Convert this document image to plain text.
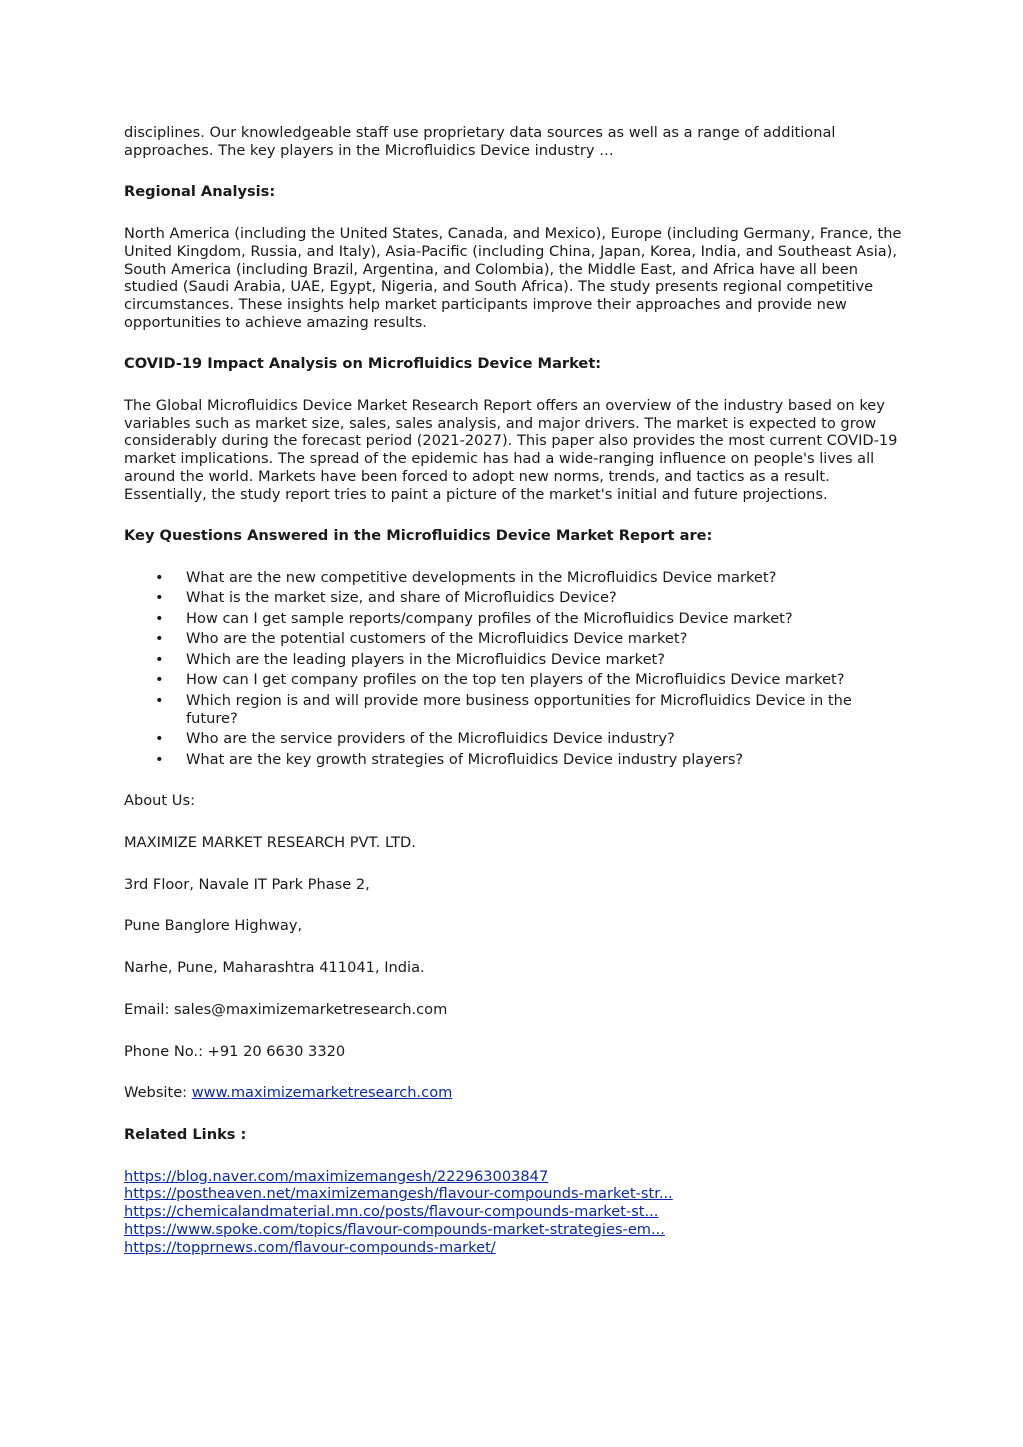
disciplines. Our knowledgeable staff use proprietary data sources as well as a range of additional approaches. The key players in the Microfluidics Device industry …

Regional Analysis:

North America (including the United States, Canada, and Mexico), Europe (including Germany, France, the United Kingdom, Russia, and Italy), Asia-Pacific (including China, Japan, Korea, India, and Southeast Asia), South America (including Brazil, Argentina, and Colombia), the Middle East, and Africa have all been studied (Saudi Arabia, UAE, Egypt, Nigeria, and South Africa). The study presents regional competitive circumstances. These insights help market participants improve their approaches and provide new opportunities to achieve amazing results.

COVID-19 Impact Analysis on Microfluidics Device Market:

The Global Microfluidics Device Market Research Report offers an overview of the industry based on key variables such as market size, sales, sales analysis, and major drivers. The market is expected to grow considerably during the forecast period (2021-2027). This paper also provides the most current COVID-19 market implications. The spread of the epidemic has had a wide-ranging influence on people's lives all around the world. Markets have been forced to adopt new norms, trends, and tactics as a result. Essentially, the study report tries to paint a picture of the market's initial and future projections.

Key Questions Answered in the Microfluidics Device Market Report are:

• What are the new competitive developments in the Microfluidics Device market?
• What is the market size, and share of Microfluidics Device?
• How can I get sample reports/company profiles of the Microfluidics Device market?
• Who are the potential customers of the Microfluidics Device market?
• Which are the leading players in the Microfluidics Device market?
• How can I get company profiles on the top ten players of the Microfluidics Device market?
• Which region is and will provide more business opportunities for Microfluidics Device in the future?
• Who are the service providers of the Microfluidics Device industry?
• What are the key growth strategies of Microfluidics Device industry players?

About Us:

MAXIMIZE MARKET RESEARCH PVT. LTD.

3rd Floor, Navale IT Park Phase 2,

Pune Banglore Highway,

Narhe, Pune, Maharashtra 411041, India.

Email: sales@maximizemarketresearch.com

Phone No.: +91 20 6630 3320

Website: www.maximizemarketresearch.com

Related Links :

https://blog.naver.com/maximizemangesh/222963003847
https://postheaven.net/maximizemangesh/flavour-compounds-market-str...
https://chemicalandmaterial.mn.co/posts/flavour-compounds-market-st...
https://www.spoke.com/topics/flavour-compounds-market-strategies-em...
https://topprnews.com/flavour-compounds-market/
